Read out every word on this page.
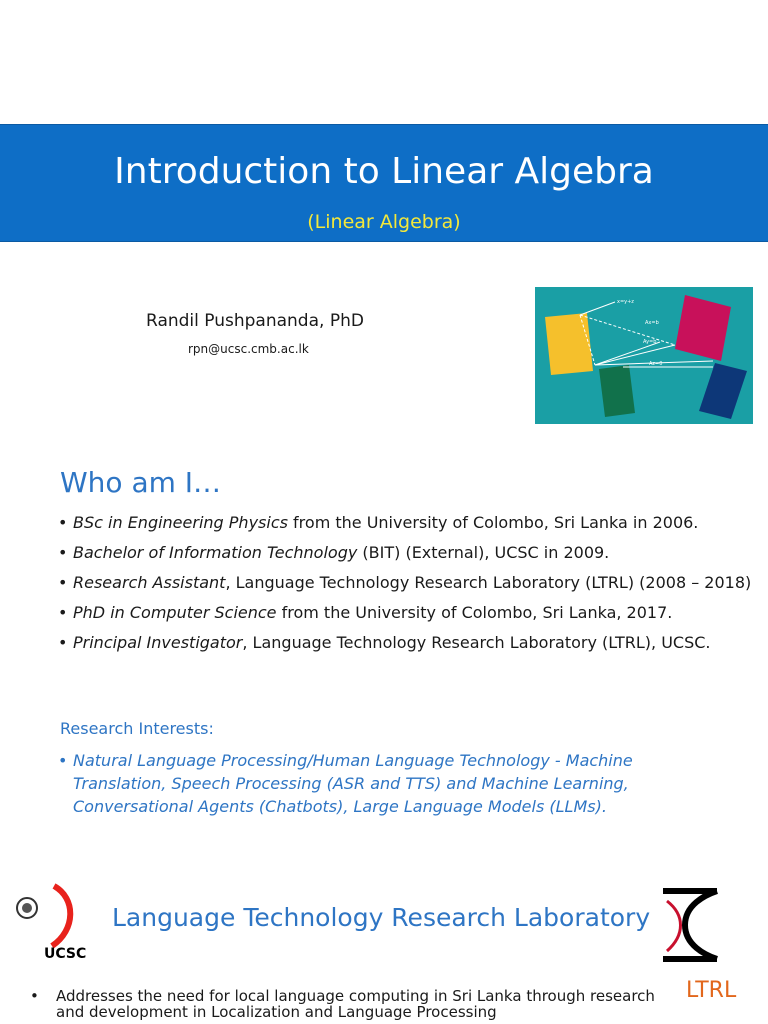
Introduction to Linear Algebra
(Linear Algebra)
Randil Pushpananda, PhD
rpn@ucsc.cmb.ac.lk
x=y+z
Ax=b
Ay=b
Az=0
Who am I…
• BSc in Engineering Physics from the University of Colombo, Sri Lanka in 2006.
• Bachelor of Information Technology (BIT) (External), UCSC in 2009.
• Research Assistant, Language Technology Research Laboratory (LTRL) (2008 – 2018)
• PhD in Computer Science from the University of Colombo, Sri Lanka, 2017.
• Principal Investigator, Language Technology Research Laboratory (LTRL), UCSC.
Research Interests:
• Natural Language Processing/Human Language Technology - Machine Translation, Speech Processing (ASR and TTS) and Machine Learning, Conversational Agents (Chatbots), Large Language Models (LLMs).
UCSC
Language Technology Research Laboratory
LTRL
• Addresses the need for local language computing in Sri Lanka through research and development in Localization and Language Processing
